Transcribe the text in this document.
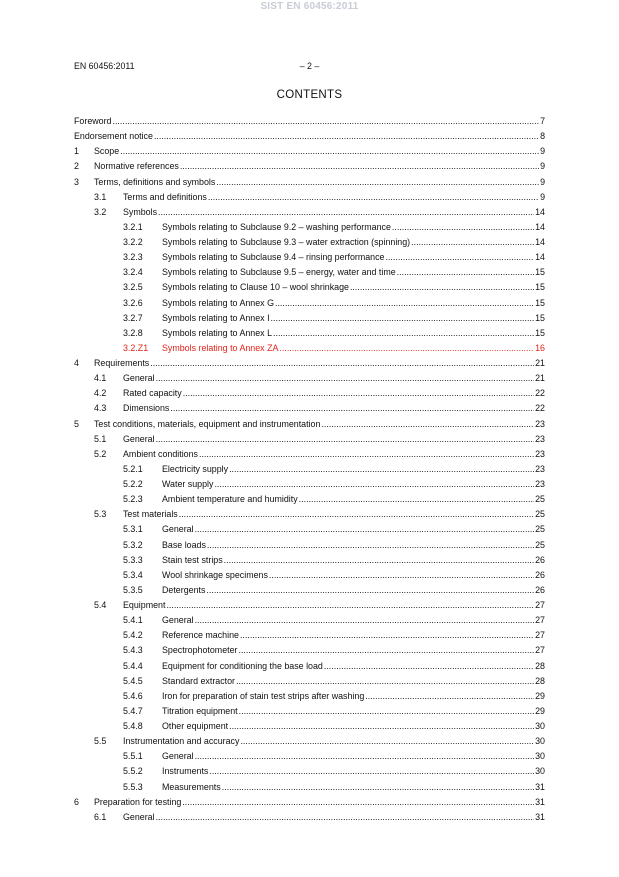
SIST EN 60456:2011
EN 60456:2011	– 2 –
CONTENTS
Foreword .....	7
Endorsement notice .....	8
1	Scope .....	9
2	Normative references .....	9
3	Terms, definitions and symbols .....	9
3.1	Terms and definitions .....	9
3.2	Symbols .....	14
3.2.1	Symbols relating to Subclause 9.2 – washing performance .....	14
3.2.2	Symbols relating to Subclause 9.3 – water extraction (spinning) .....	14
3.2.3	Symbols relating to Subclause 9.4 – rinsing performance .....	14
3.2.4	Symbols relating to Subclause 9.5 – energy, water and time .....	15
3.2.5	Symbols relating to Clause 10 – wool shrinkage .....	15
3.2.6	Symbols relating to Annex G .....	15
3.2.7	Symbols relating to Annex I .....	15
3.2.8	Symbols relating to Annex L .....	15
3.2.Z1	Symbols relating to Annex ZA .....	16
4	Requirements .....	21
4.1	General .....	21
4.2	Rated capacity .....	22
4.3	Dimensions .....	22
5	Test conditions, materials, equipment and instrumentation .....	23
5.1	General .....	23
5.2	Ambient conditions .....	23
5.2.1	Electricity supply .....	23
5.2.2	Water supply .....	23
5.2.3	Ambient temperature and humidity .....	25
5.3	Test materials .....	25
5.3.1	General .....	25
5.3.2	Base loads .....	25
5.3.3	Stain test strips .....	26
5.3.4	Wool shrinkage specimens .....	26
5.3.5	Detergents .....	26
5.4	Equipment .....	27
5.4.1	General .....	27
5.4.2	Reference machine .....	27
5.4.3	Spectrophotometer .....	27
5.4.4	Equipment for conditioning the base load .....	28
5.4.5	Standard extractor .....	28
5.4.6	Iron for preparation of stain test strips after washing .....	29
5.4.7	Titration equipment .....	29
5.4.8	Other equipment .....	30
5.5	Instrumentation and accuracy .....	30
5.5.1	General .....	30
5.5.2	Instruments .....	30
5.5.3	Measurements .....	31
6	Preparation for testing .....	31
6.1	General .....	31
